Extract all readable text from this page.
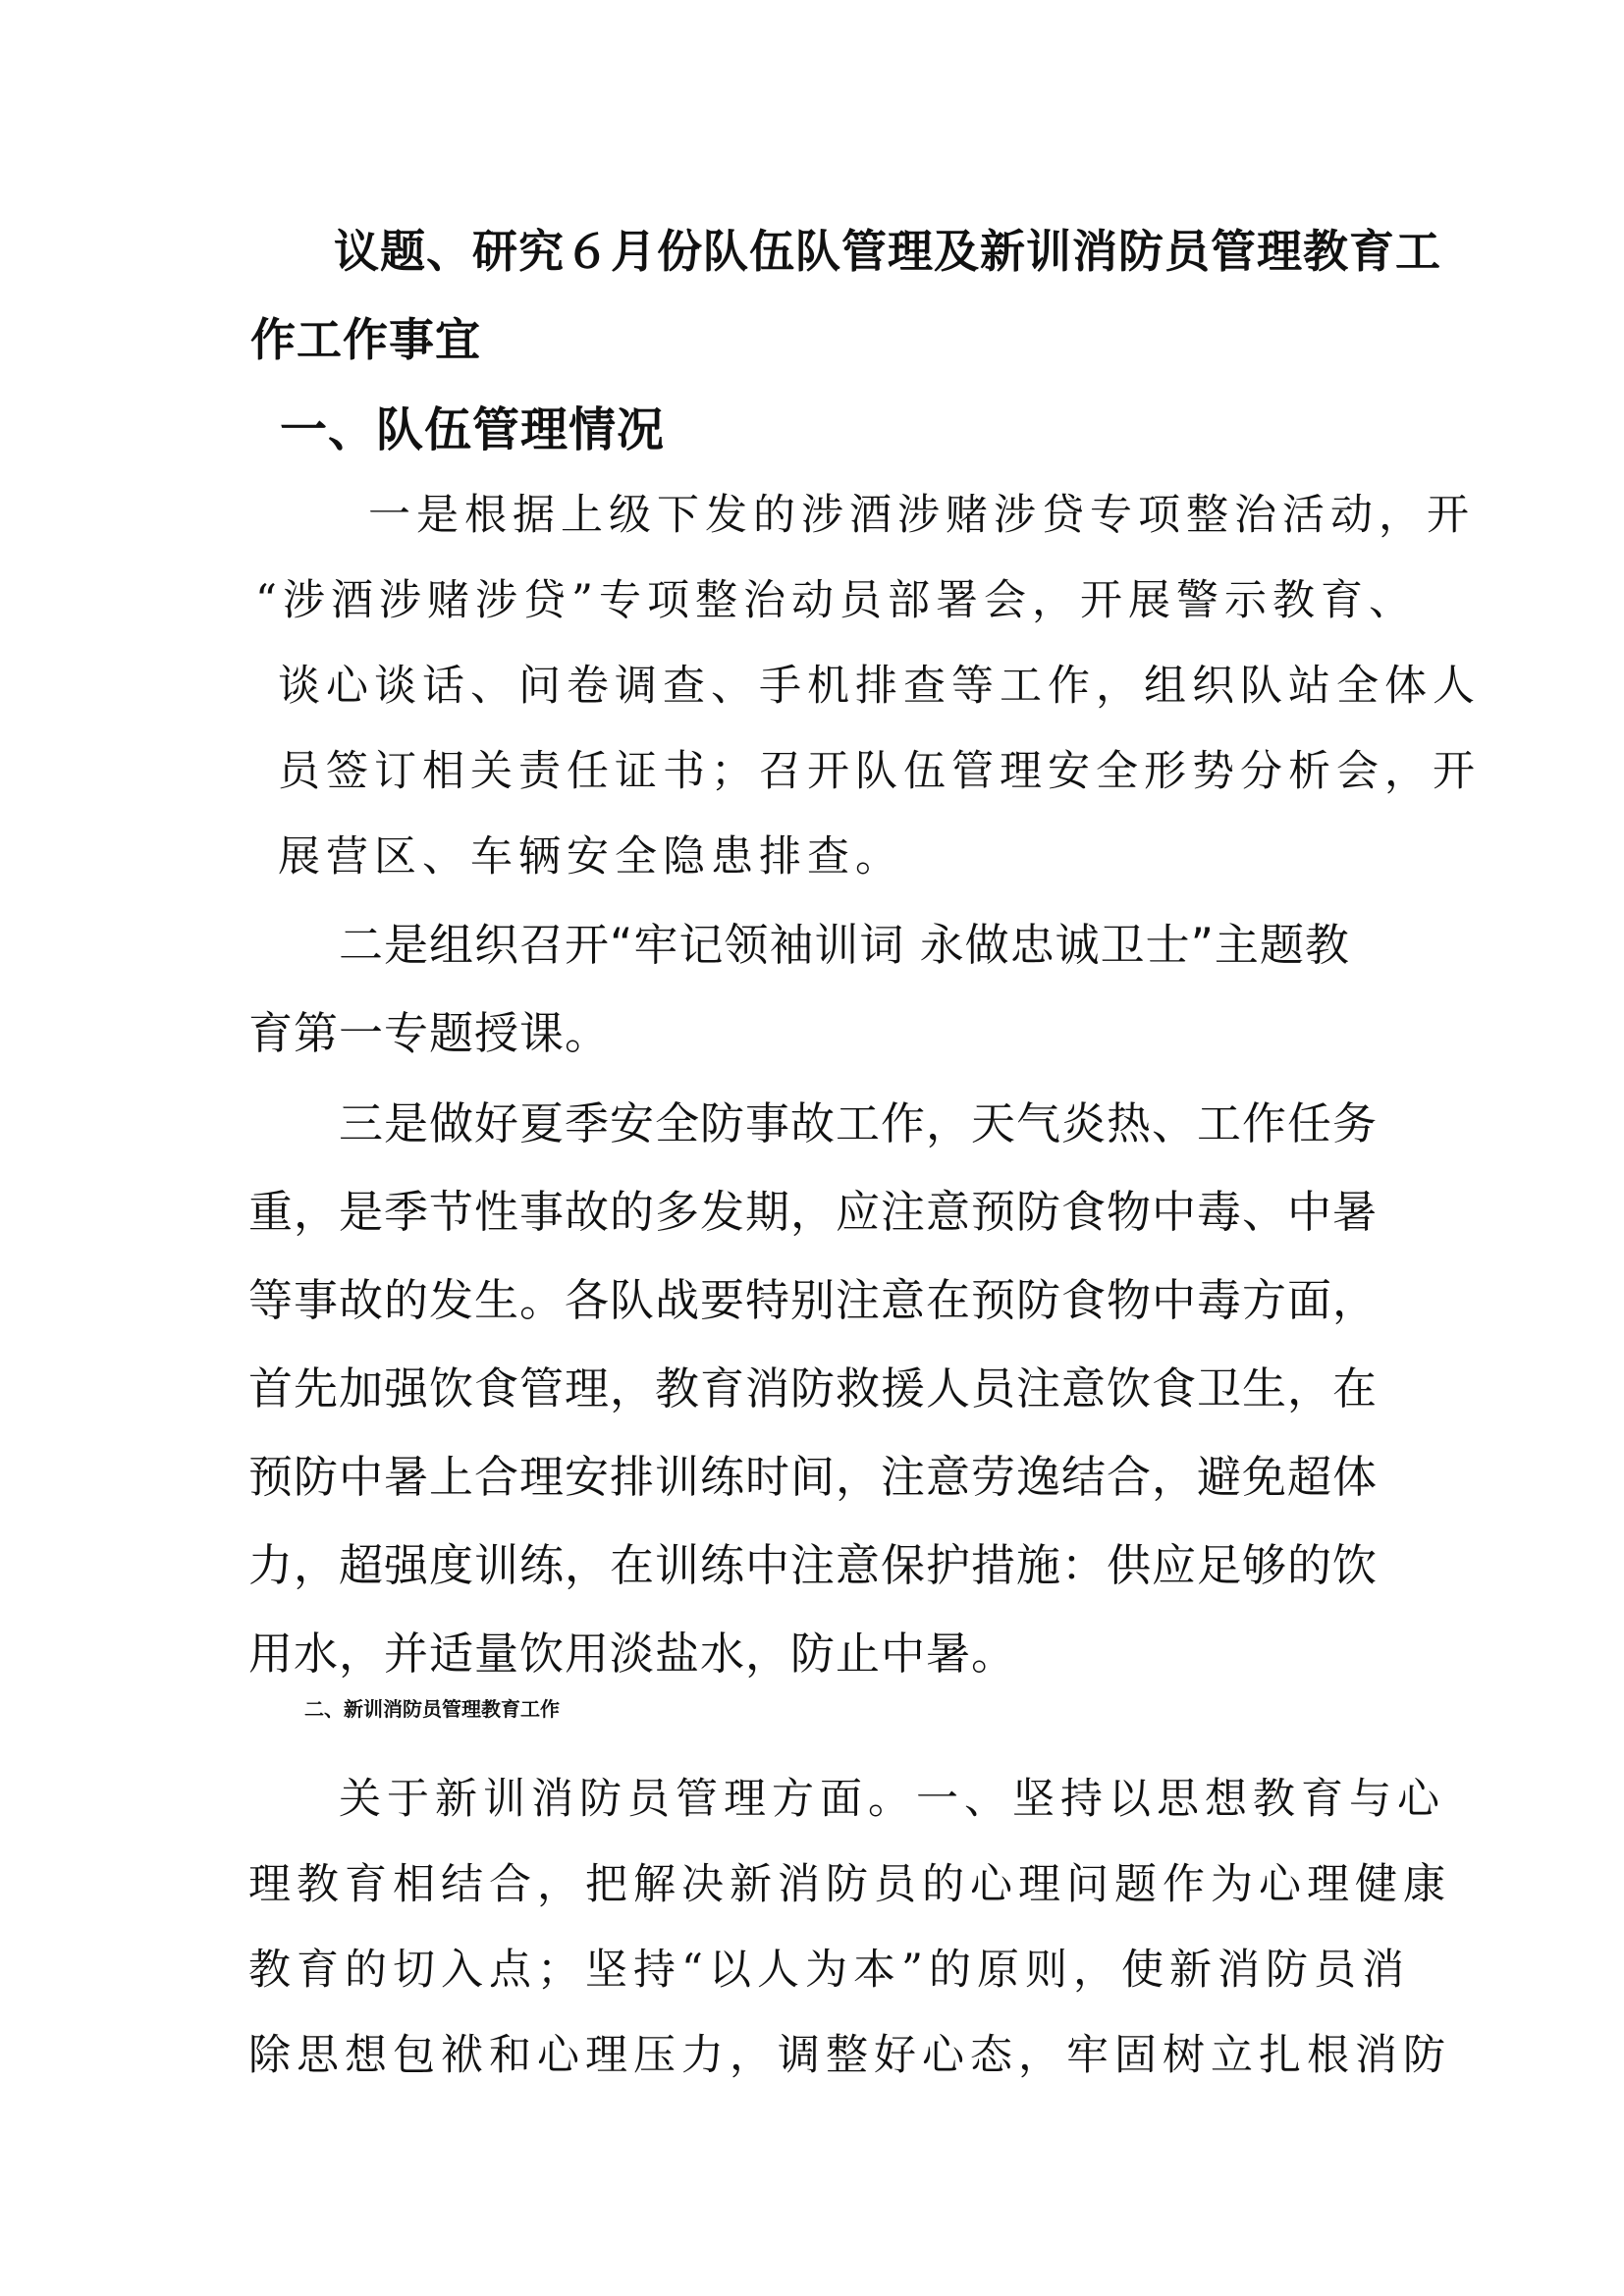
议题、研究６月份队伍队管理及新训消防员管理教育工
作工作事宜
一、队伍管理情况
一是根据上级下发的涉酒涉赌涉贷专项整治活动，开
“涉酒涉赌涉贷”专项整治动员部署会，开展警示教育、
谈心谈话、问卷调查、手机排查等工作，组织队站全体人
员签订相关责任证书；召开队伍管理安全形势分析会，开
展营区、车辆安全隐患排查。
二是组织召开“牢记领袖训词 永做忠诚卫士”主题教
育第一专题授课。
三是做好夏季安全防事故工作，天气炎热、工作任务
重，是季节性事故的多发期，应注意预防食物中毒、中暑
等事故的发生。各队战要特别注意在预防食物中毒方面，
首先加强饮食管理，教育消防救援人员注意饮食卫生，在
预防中暑上合理安排训练时间，注意劳逸结合，避免超体
力，超强度训练，在训练中注意保护措施：供应足够的饮
用水，并适量饮用淡盐水，防止中暑。
二、新训消防员管理教育工作
关于新训消防员管理方面。一、坚持以思想教育与心
理教育相结合，把解决新消防员的心理问题作为心理健康
教育的切入点；坚持“以人为本”的原则，使新消防员消
除思想包袱和心理压力，调整好心态，牢固树立扎根消防
